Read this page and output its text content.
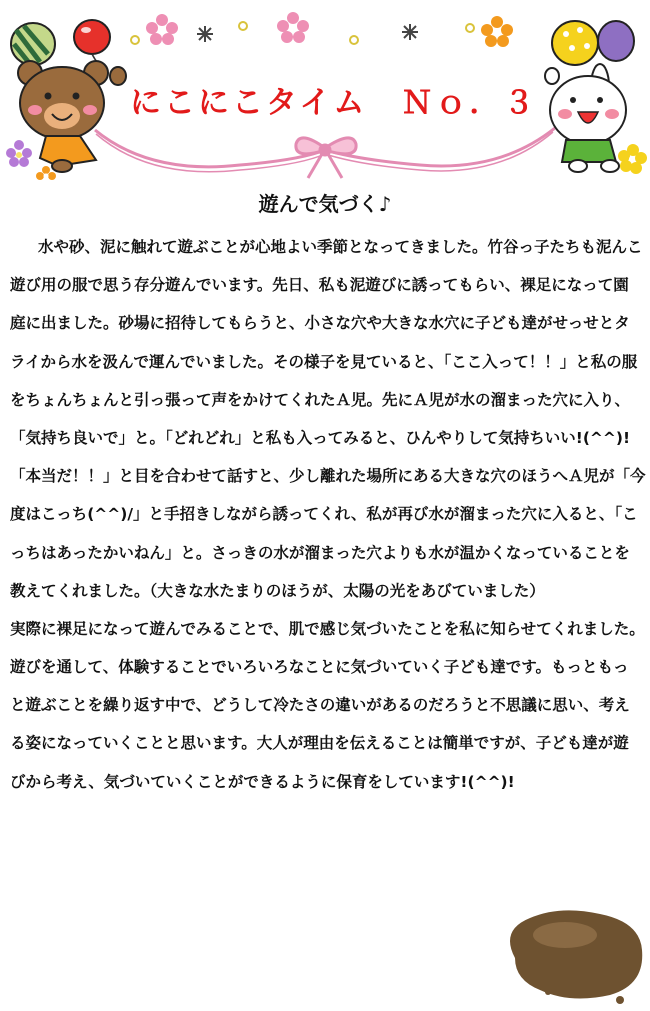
にこにこタイム　Ｎｏ．３
遊んで気づく♪
水や砂、泥に触れて遊ぶことが心地よい季節となってきました。竹谷っ子たちも泥んこ
遊び用の服で思う存分遊んでいます。先日、私も泥遊びに誘ってもらい、裸足になって園
庭に出ました。砂場に招待してもらうと、小さな穴や大きな水穴に子ども達がせっせとタ
ライから水を汲んで運んでいました。その様子を見ていると、「ここ入って！！」と私の服
をちょんちょんと引っ張って声をかけてくれたＡ児。先にＡ児が水の溜まった穴に入り、
「気持ち良いで」と。「どれどれ」と私も入ってみると、ひんやりして気持ちいい!(^^)!
「本当だ！！」と目を合わせて話すと、少し離れた場所にある大きな穴のほうへＡ児が「今
度はこっち(^^)/」と手招きしながら誘ってくれ、私が再び水が溜まった穴に入ると、「こ
っちはあったかいねん」と。さっきの水が溜まった穴よりも水が温かくなっていることを
教えてくれました。（大きな水たまりのほうが、太陽の光をあびていました）
実際に裸足になって遊んでみることで、肌で感じ気づいたことを私に知らせてくれました。
遊びを通して、体験することでいろいろなことに気づいていく子ども達です。もっともっ
と遊ぶことを繰り返す中で、どうして冷たさの違いがあるのだろうと不思議に思い、考え
る姿になっていくことと思います。大人が理由を伝えることは簡単ですが、子ども達が遊
びから考え、気づいていくことができるように保育をしています!(^^)!
